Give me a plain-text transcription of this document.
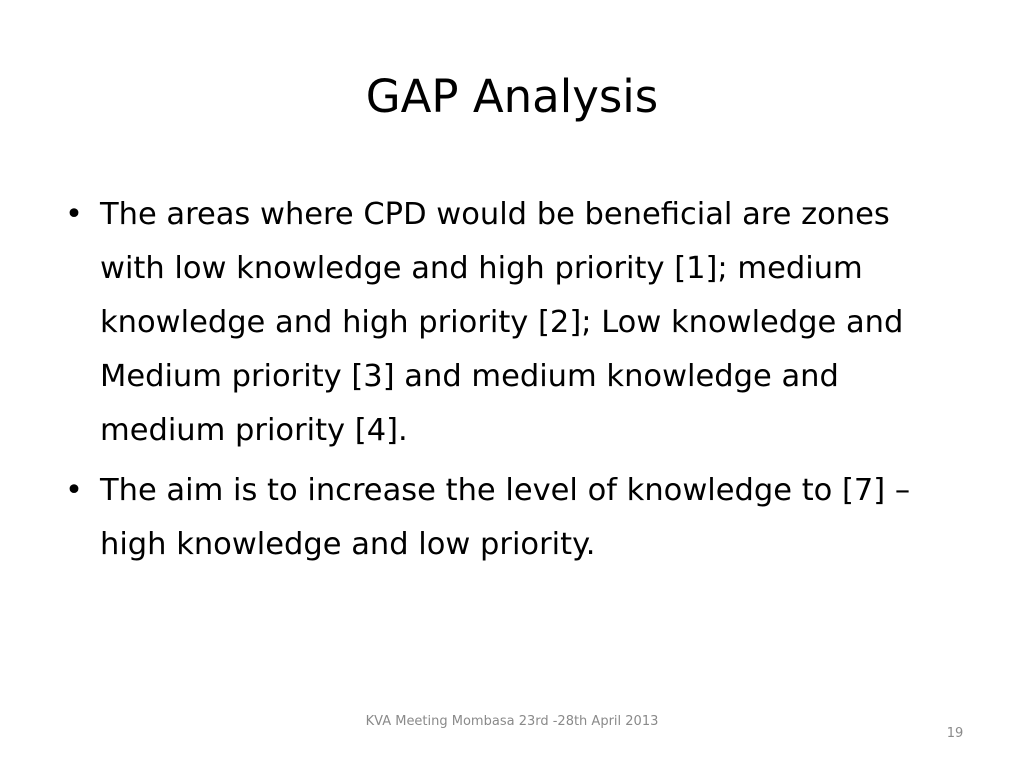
GAP Analysis
• The areas where CPD would be beneficial are zones with low knowledge and high priority [1]; medium knowledge and high priority [2]; Low knowledge and Medium priority [3] and medium knowledge and medium priority [4].
• The aim is to increase the level of knowledge to [7] – high knowledge and low priority.
KVA Meeting Mombasa 23rd -28th April 2013
19
